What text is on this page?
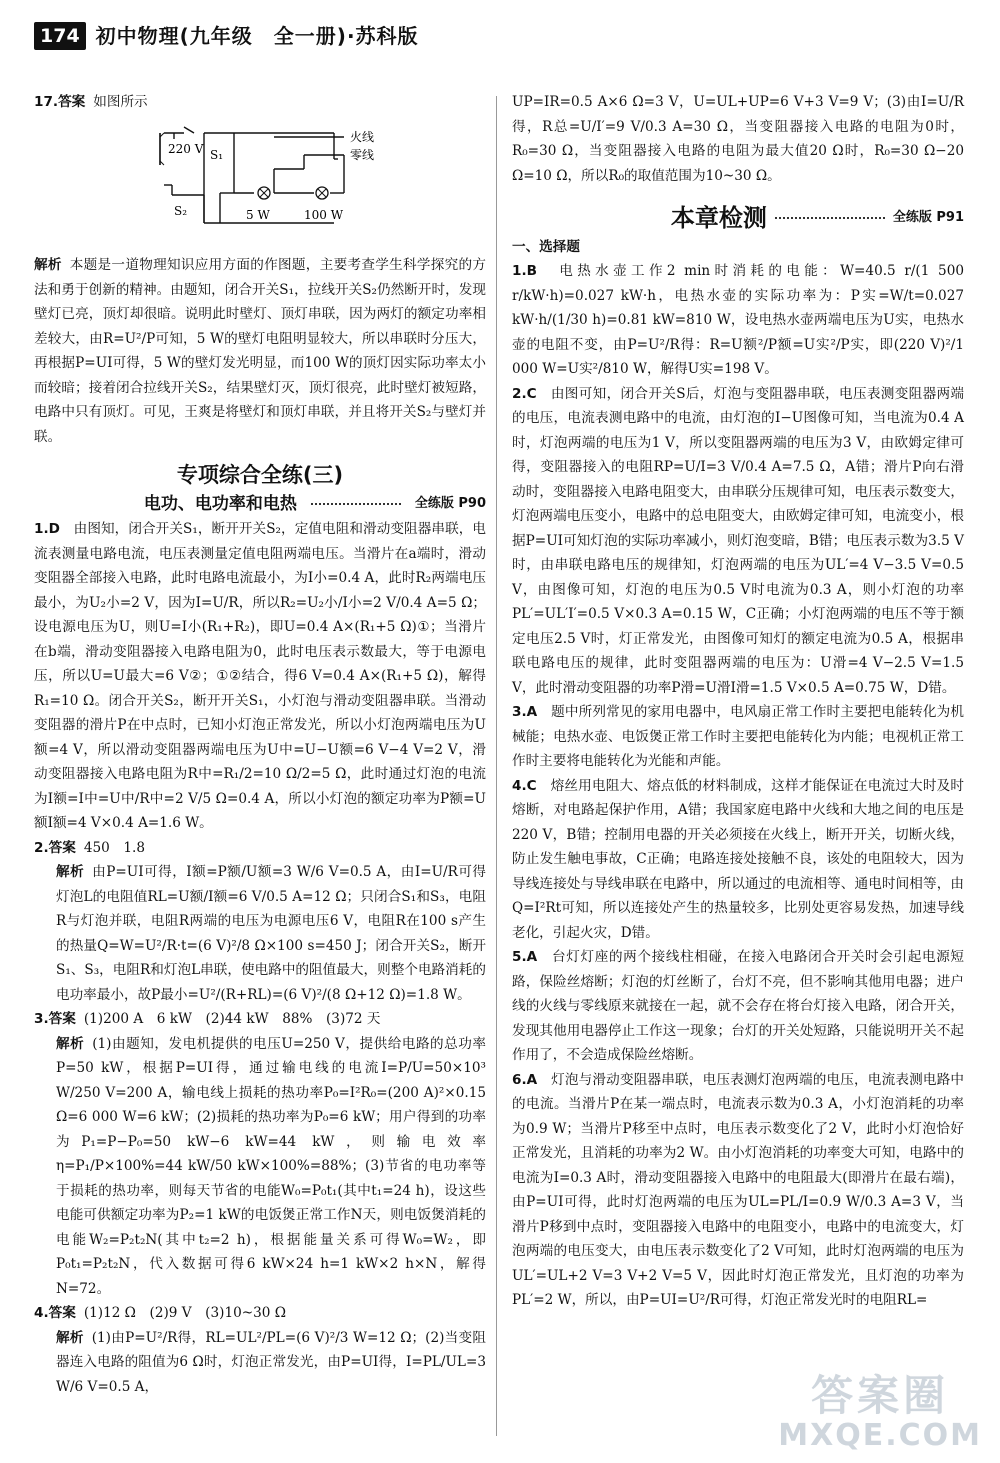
174 初中物理(九年级　全一册)·苏科版

17.答案 如图所示

220 V S₁
S₂
火线
零线
5 W	100 W

解析 本题是一道物理知识应用方面的作图题，主要考查学生科学探究的方法和勇于创新的精神。由题知，闭合开关S₁，拉线开关S₂仍然断开时，发现壁灯已亮，顶灯却很暗。说明此时壁灯、顶灯串联，因为两灯的额定功率相差较大，由R=U²/P可知，5 W的壁灯电阻明显较大，所以串联时分压大，再根据P=UI可得，5 W的壁灯发光明显，而100 W的顶灯因实际功率太小而较暗；接着闭合拉线开关S₂，结果壁灯灭，顶灯很亮，此时壁灯被短路，电路中只有顶灯。可见，王爽是将壁灯和顶灯串联，并且将开关S₂与壁灯并联。

专项综合全练(三)
电功、电功率和电热	全练版 P90

1.D　 由图知，闭合开关S₁，断开开关S₂，定值电阻和滑动变阻器串联，电流表测量电路电流，电压表测量定值电阻两端电压。当滑片在a端时，滑动变阻器全部接入电路，此时电路电流最小，为I小=0.4 A，此时R₂两端电压最小，为U₂小=2 V，因为I=U/R，所以R₂=U₂小/I小=2 V/0.4 A=5 Ω；设电源电压为U，则U=I小(R₁+R₂)，即U=0.4 A×(R₁+5 Ω)①；当滑片在b端，滑动变阻器接入电路电阻为0，此时电压表示数最大，等于电源电压，所以U=U最大=6 V②；①②结合，得6 V=0.4 A×(R₁+5 Ω)，解得R₁=10 Ω。闭合开关S₂，断开开关S₁，小灯泡与滑动变阻器串联。当滑动变阻器的滑片P在中点时，已知小灯泡正常发光，所以小灯泡两端电压为U额=4 V，所以滑动变阻器两端电压为U中=U−U额=6 V−4 V=2 V，滑动变阻器接入电路电阻为R中=R₁/2=10 Ω/2=5 Ω，此时通过灯泡的电流为I额=I中=U中/R中=2 V/5 Ω=0.4 A，所以小灯泡的额定功率为P额=U额I额=4 V×0.4 A=1.6 W。

2.答案 450　1.8

解析 由P=UI可得，I额=P额/U额=3 W/6 V=0.5 A，由I=U/R可得灯泡L的电阻值RL=U额/I额=6 V/0.5 A=12 Ω；只闭合S₁和S₃，电阻R与灯泡并联，电阻R两端的电压为电源电压6 V，电阻R在100 s产生的热量Q=W=U²/R·t=(6 V)²/8 Ω×100 s=450 J；闭合开关S₂，断开S₁、S₃，电阻R和灯泡L串联，使电路中的阻值最大，则整个电路消耗的电功率最小，故P最小=U²/(R+RL)=(6 V)²/(8 Ω+12 Ω)=1.8 W。

3.答案 (1)200 A　6 kW　(2)44 kW　88%　(3)72 天

解析 (1)由题知，发电机提供的电压U=250 V，提供给电路的总功率P=50 kW，根据P=UI得，通过输电线的电流I=P/U=50×10³ W/250 V=200 A，输电线上损耗的热功率P₀=I²R₀=(200 A)²×0.15 Ω=6 000 W=6 kW；(2)损耗的热功率为P₀=6 kW；用户得到的功率为P₁=P−P₀=50 kW−6 kW=44 kW，则输电效率η=P₁/P×100%=44 kW/50 kW×100%=88%；(3)节省的电功率等于损耗的热功率，则每天节省的电能W₀=P₀t₁(其中t₁=24 h)，设这些电能可供额定功率为P₂=1 kW的电饭煲正常工作N天，则电饭煲消耗的电能W₂=P₂t₂N(其中t₂=2 h)，根据能量关系可得W₀=W₂，即P₀t₁=P₂t₂N，代入数据可得6 kW×24 h=1 kW×2 h×N，解得N=72。

4.答案 (1)12 Ω　(2)9 V　(3)10~30 Ω

解析 (1)由P=U²/R得，RL=UL²/PL=(6 V)²/3 W=12 Ω；(2)当变阻器连入电路的阻值为6 Ω时，灯泡正常发光，由P=UI得，I=PL/UL=3 W/6 V=0.5 A，

UP=IR=0.5 A×6 Ω=3 V，U=UL+UP=6 V+3 V=9 V；(3)由I=U/R得，R总=U/I′=9 V/0.3 A=30 Ω，当变阻器接入电路的电阻为0时，R₀=30 Ω，当变阻器接入电路的电阻为最大值20 Ω时，R₀=30 Ω−20 Ω=10 Ω，所以R₀的取值范围为10~30 Ω。

本章检测	全练版 P91

一、选择题

1.B　 电热水壶工作2 min时消耗的电能：W=40.5 r/(1 500 r/kW·h)=0.027 kW·h，电热水壶的实际功率为：P实=W/t=0.027 kW·h/(1/30 h)=0.81 kW=810 W，设电热水壶两端电压为U实，电热水壶的电阻不变，由P=U²/R得：R=U额²/P额=U实²/P实，即(220 V)²/1 000 W=U实²/810 W，解得U实=198 V。

2.C　 由图可知，闭合开关S后，灯泡与变阻器串联，电压表测变阻器两端的电压，电流表测电路中的电流，由灯泡的I−U图像可知，当电流为0.4 A时，灯泡两端的电压为1 V，所以变阻器两端的电压为3 V，由欧姆定律可得，变阻器接入的电阻RP=U/I=3 V/0.4 A=7.5 Ω，A错；滑片P向右滑动时，变阻器接入电路电阻变大，由串联分压规律可知，电压表示数变大，灯泡两端电压变小，电路中的总电阻变大，由欧姆定律可知，电流变小，根据P=UI可知灯泡的实际功率减小，则灯泡变暗，B错；电压表示数为3.5 V时，由串联电路电压的规律知，灯泡两端的电压为UL′=4 V−3.5 V=0.5 V，由图像可知，灯泡的电压为0.5 V时电流为0.3 A，则小灯泡的功率PL′=UL′I′=0.5 V×0.3 A=0.15 W，C正确；小灯泡两端的电压不等于额定电压2.5 V时，灯正常发光，由图像可知灯的额定电流为0.5 A，根据串联电路电压的规律，此时变阻器两端的电压为：U滑=4 V−2.5 V=1.5 V，此时滑动变阻器的功率P滑=U滑I滑=1.5 V×0.5 A=0.75 W，D错。

3.A　 题中所列常见的家用电器中，电风扇正常工作时主要把电能转化为机械能；电热水壶、电饭煲正常工作时主要把电能转化为内能；电视机正常工作时主要将电能转化为光能和声能。

4.C　 熔丝用电阻大、熔点低的材料制成，这样才能保证在电流过大时及时熔断，对电路起保护作用，A错；我国家庭电路中火线和大地之间的电压是220 V，B错；控制用电器的开关必须接在火线上，断开开关，切断火线，防止发生触电事故，C正确；电路连接处接触不良，该处的电阻较大，因为导线连接处与导线串联在电路中，所以通过的电流相等、通电时间相等，由Q=I²Rt可知，所以连接处产生的热量较多，比别处更容易发热，加速导线老化，引起火灾，D错。

5.A　 台灯灯座的两个接线柱相碰，在接入电路闭合开关时会引起电源短路，保险丝熔断；灯泡的灯丝断了，台灯不亮，但不影响其他用电器；进户线的火线与零线原来就接在一起，就不会存在将台灯接入电路，闭合开关，发现其他用电器停止工作这一现象；台灯的开关处短路，只能说明开关不起作用了，不会造成保险丝熔断。

6.A　 灯泡与滑动变阻器串联，电压表测灯泡两端的电压，电流表测电路中的电流。当滑片P在某一端点时，电流表示数为0.3 A，小灯泡消耗的功率为0.9 W；当滑片P移至中点时，电压表示数变化了2 V，此时小灯泡恰好正常发光，且消耗的功率为2 W。由小灯泡消耗的功率变大可知，电路中的电流为I=0.3 A时，滑动变阻器接入电路中的电阻最大(即滑片在最右端)，由P=UI可得，此时灯泡两端的电压为UL=PL/I=0.9 W/0.3 A=3 V，当滑片P移到中点时，变阻器接入电路中的电阻变小，电路中的电流变大，灯泡两端的电压变大，由电压表示数变化了2 V可知，此时灯泡两端的电压为UL′=UL+2 V=3 V+2 V=5 V，因此时灯泡正常发光，且灯泡的功率为PL′=2 W，所以，由P=UI=U²/R可得，灯泡正常发光时的电阻RL=

答案圈
MXQE.COM
